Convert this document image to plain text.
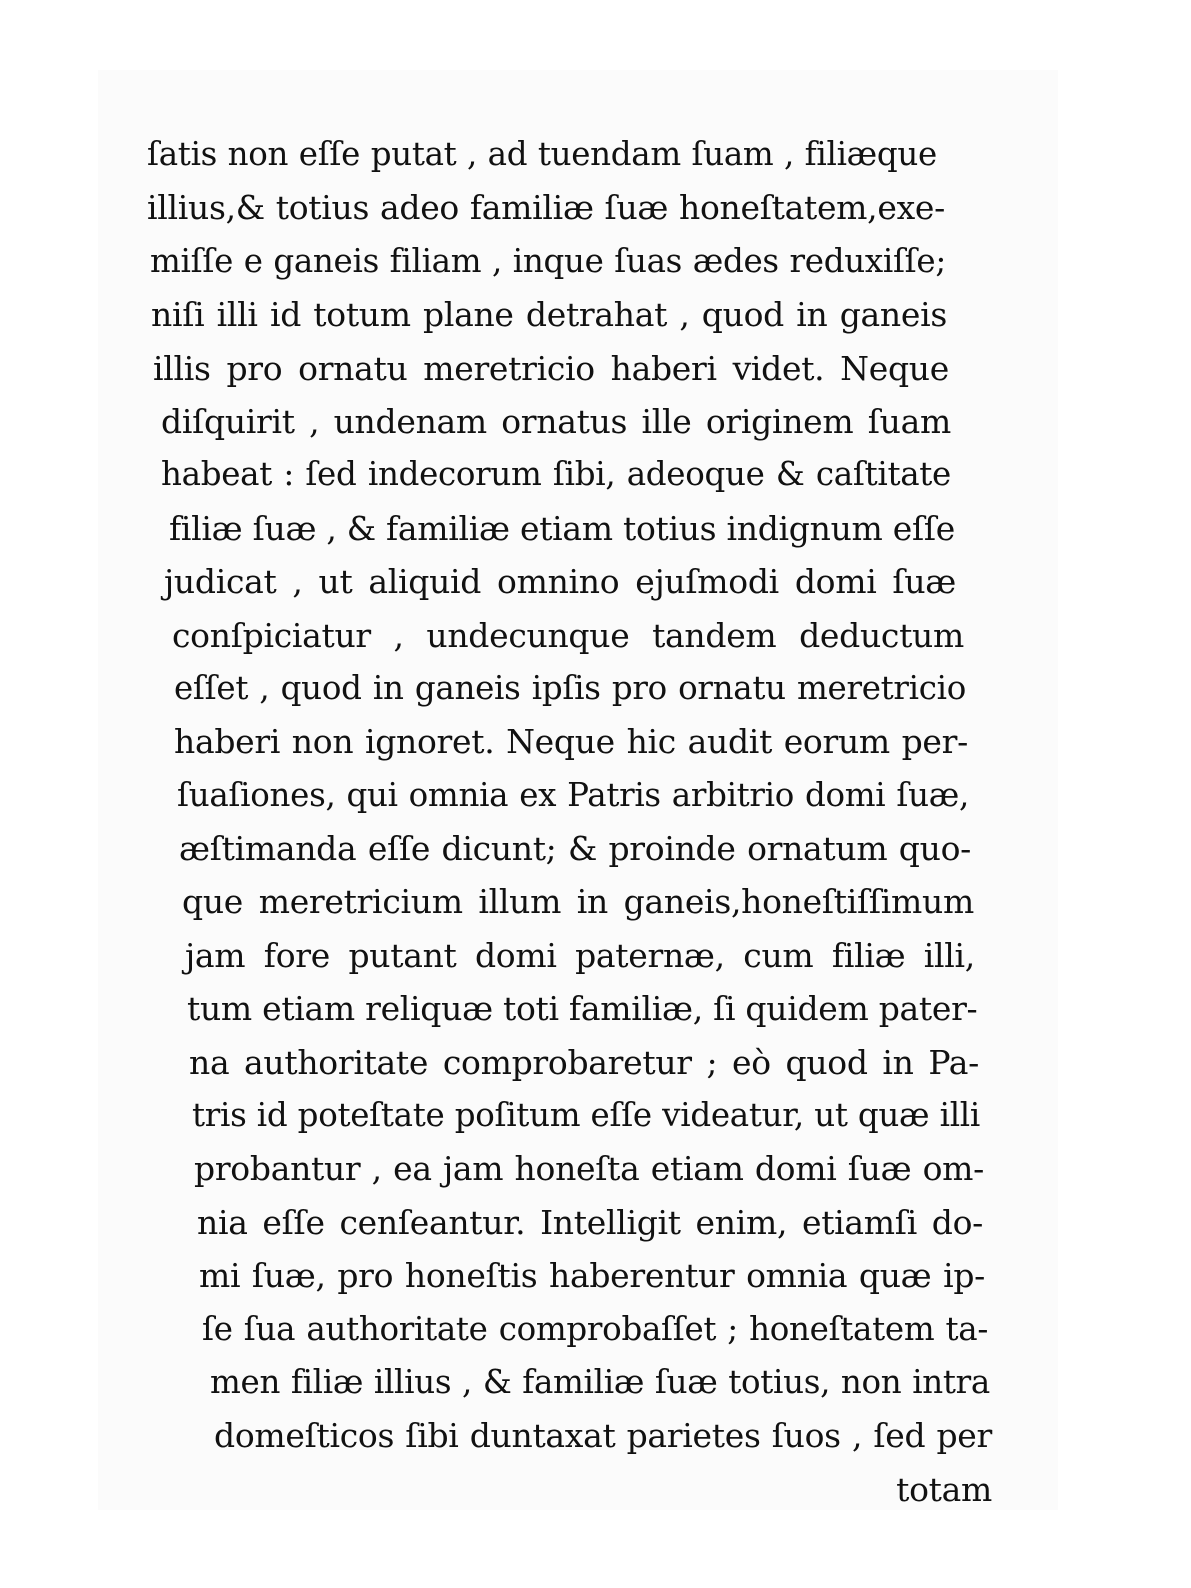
ſatis non eſſe putat , ad tuendam ſuam , filiæque
illius,& totius adeo familiæ ſuæ honeſtatem,exe-
miſſe e ganeis filiam , inque ſuas ædes reduxiſſe;
niſi illi id totum plane detrahat , quod in ganeis
illis pro ornatu meretricio haberi videt. Neque
diſquirit , undenam ornatus ille originem ſuam
habeat : ſed indecorum ſibi, adeoque & caſtitate
filiæ ſuæ , & familiæ etiam totius indignum eſſe
judicat , ut aliquid omnino ejuſmodi domi ſuæ
conſpiciatur , undecunque tandem deductum
eſſet , quod in ganeis ipſis pro ornatu meretricio
haberi non ignoret. Neque hic audit eorum per-
ſuaſiones, qui omnia ex Patris arbitrio domi ſuæ,
æſtimanda eſſe dicunt; & proinde ornatum quo-
que meretricium illum in ganeis,honeſtiſſimum
jam fore putant domi paternæ, cum filiæ illi,
tum etiam reliquæ toti familiæ, ſi quidem pater-
na authoritate comprobaretur ; eò quod in Pa-
tris id poteſtate poſitum eſſe videatur, ut quæ illi
probantur , ea jam honeſta etiam domi ſuæ om-
nia eſſe cenſeantur. Intelligit enim, etiamſi do-
mi ſuæ, pro honeſtis haberentur omnia quæ ip-
ſe ſua authoritate comprobaſſet ; honeſtatem ta-
men filiæ illius , & familiæ ſuæ totius, non intra
domeſticos ſibi duntaxat parietes ſuos , ſed per
totam
